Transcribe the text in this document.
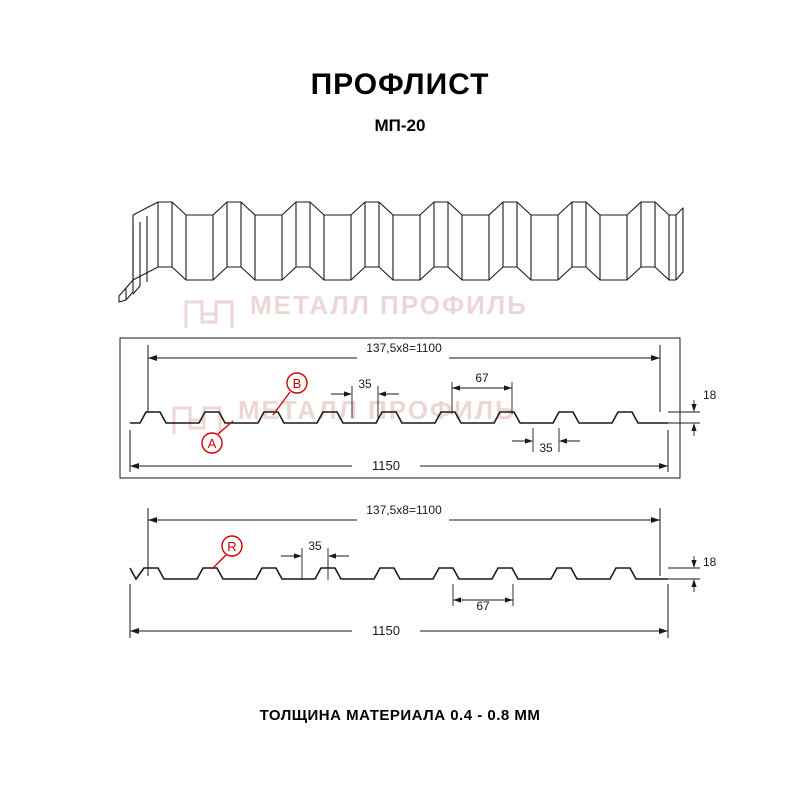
ПРОФЛИСТ
МП-20
МЕТАЛЛ ПРОФИЛЬ
МЕТАЛЛ ПРОФИЛЬ
137,5х8=1100
35	67
18
35
1150
A
B
137,5х8=1100
35
18
67
1150
R
ТОЛЩИНА МАТЕРИАЛА 0.4 - 0.8 ММ
